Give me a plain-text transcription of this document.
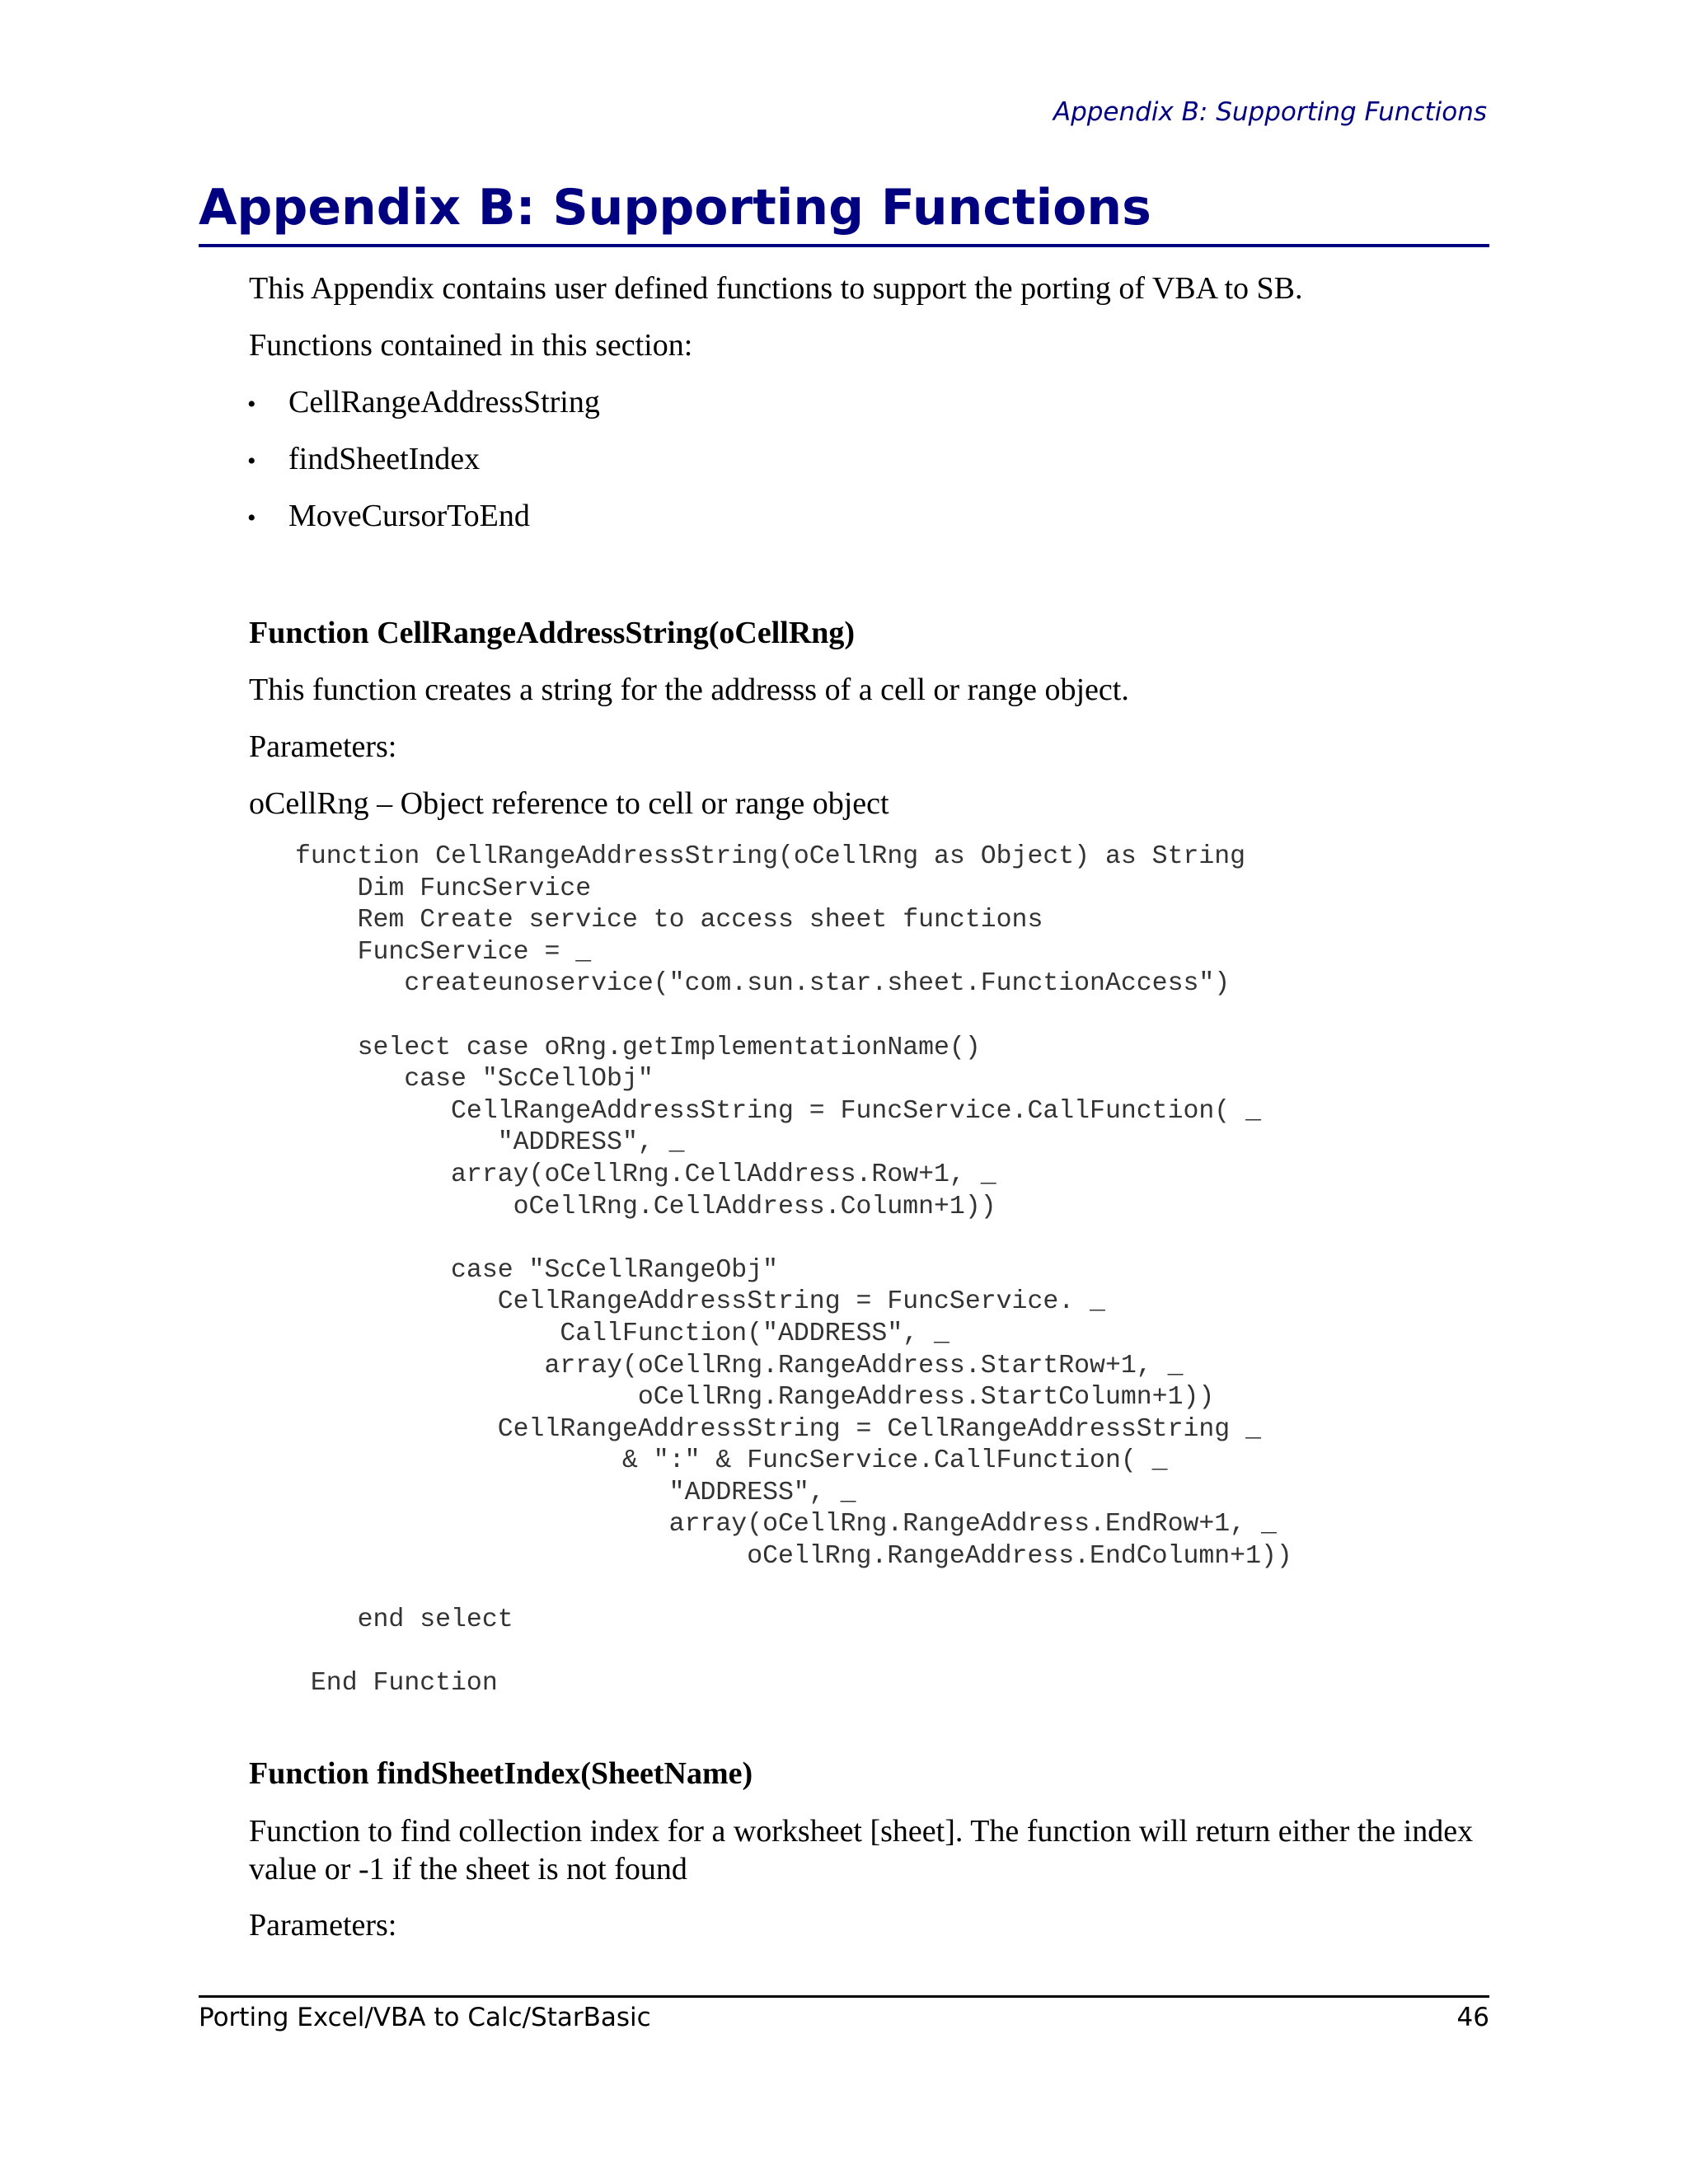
Appendix B: Supporting Functions
Appendix B: Supporting Functions
This Appendix contains user defined functions to support the porting of VBA to SB.
Functions contained in this section:
• CellRangeAddressString
• findSheetIndex
• MoveCursorToEnd
Function CellRangeAddressString(oCellRng)
This function creates a string for the addresss of a cell or range object.
Parameters:
oCellRng – Object reference to cell or range object
function CellRangeAddressString(oCellRng as Object) as String
Dim FuncService
Rem Create service to access sheet functions
FuncService = _
createunoservice("com.sun.star.sheet.FunctionAccess")

select case oRng.getImplementationName()
case "ScCellObj"
CellRangeAddressString = FuncService.CallFunction( _
"ADDRESS", _
array(oCellRng.CellAddress.Row+1, _
oCellRng.CellAddress.Column+1))

case "ScCellRangeObj"
CellRangeAddressString = FuncService. _
CallFunction("ADDRESS", _
array(oCellRng.RangeAddress.StartRow+1, _
oCellRng.RangeAddress.StartColumn+1))
CellRangeAddressString = CellRangeAddressString _
& ":" & FuncService.CallFunction( _
"ADDRESS", _
array(oCellRng.RangeAddress.EndRow+1, _
oCellRng.RangeAddress.EndColumn+1))

end select

End Function
Function findSheetIndex(SheetName)
Function to find collection index for a worksheet [sheet]. The function will return either the index value or -1 if the sheet is not found
Parameters:
Porting Excel/VBA to Calc/StarBasic	46
